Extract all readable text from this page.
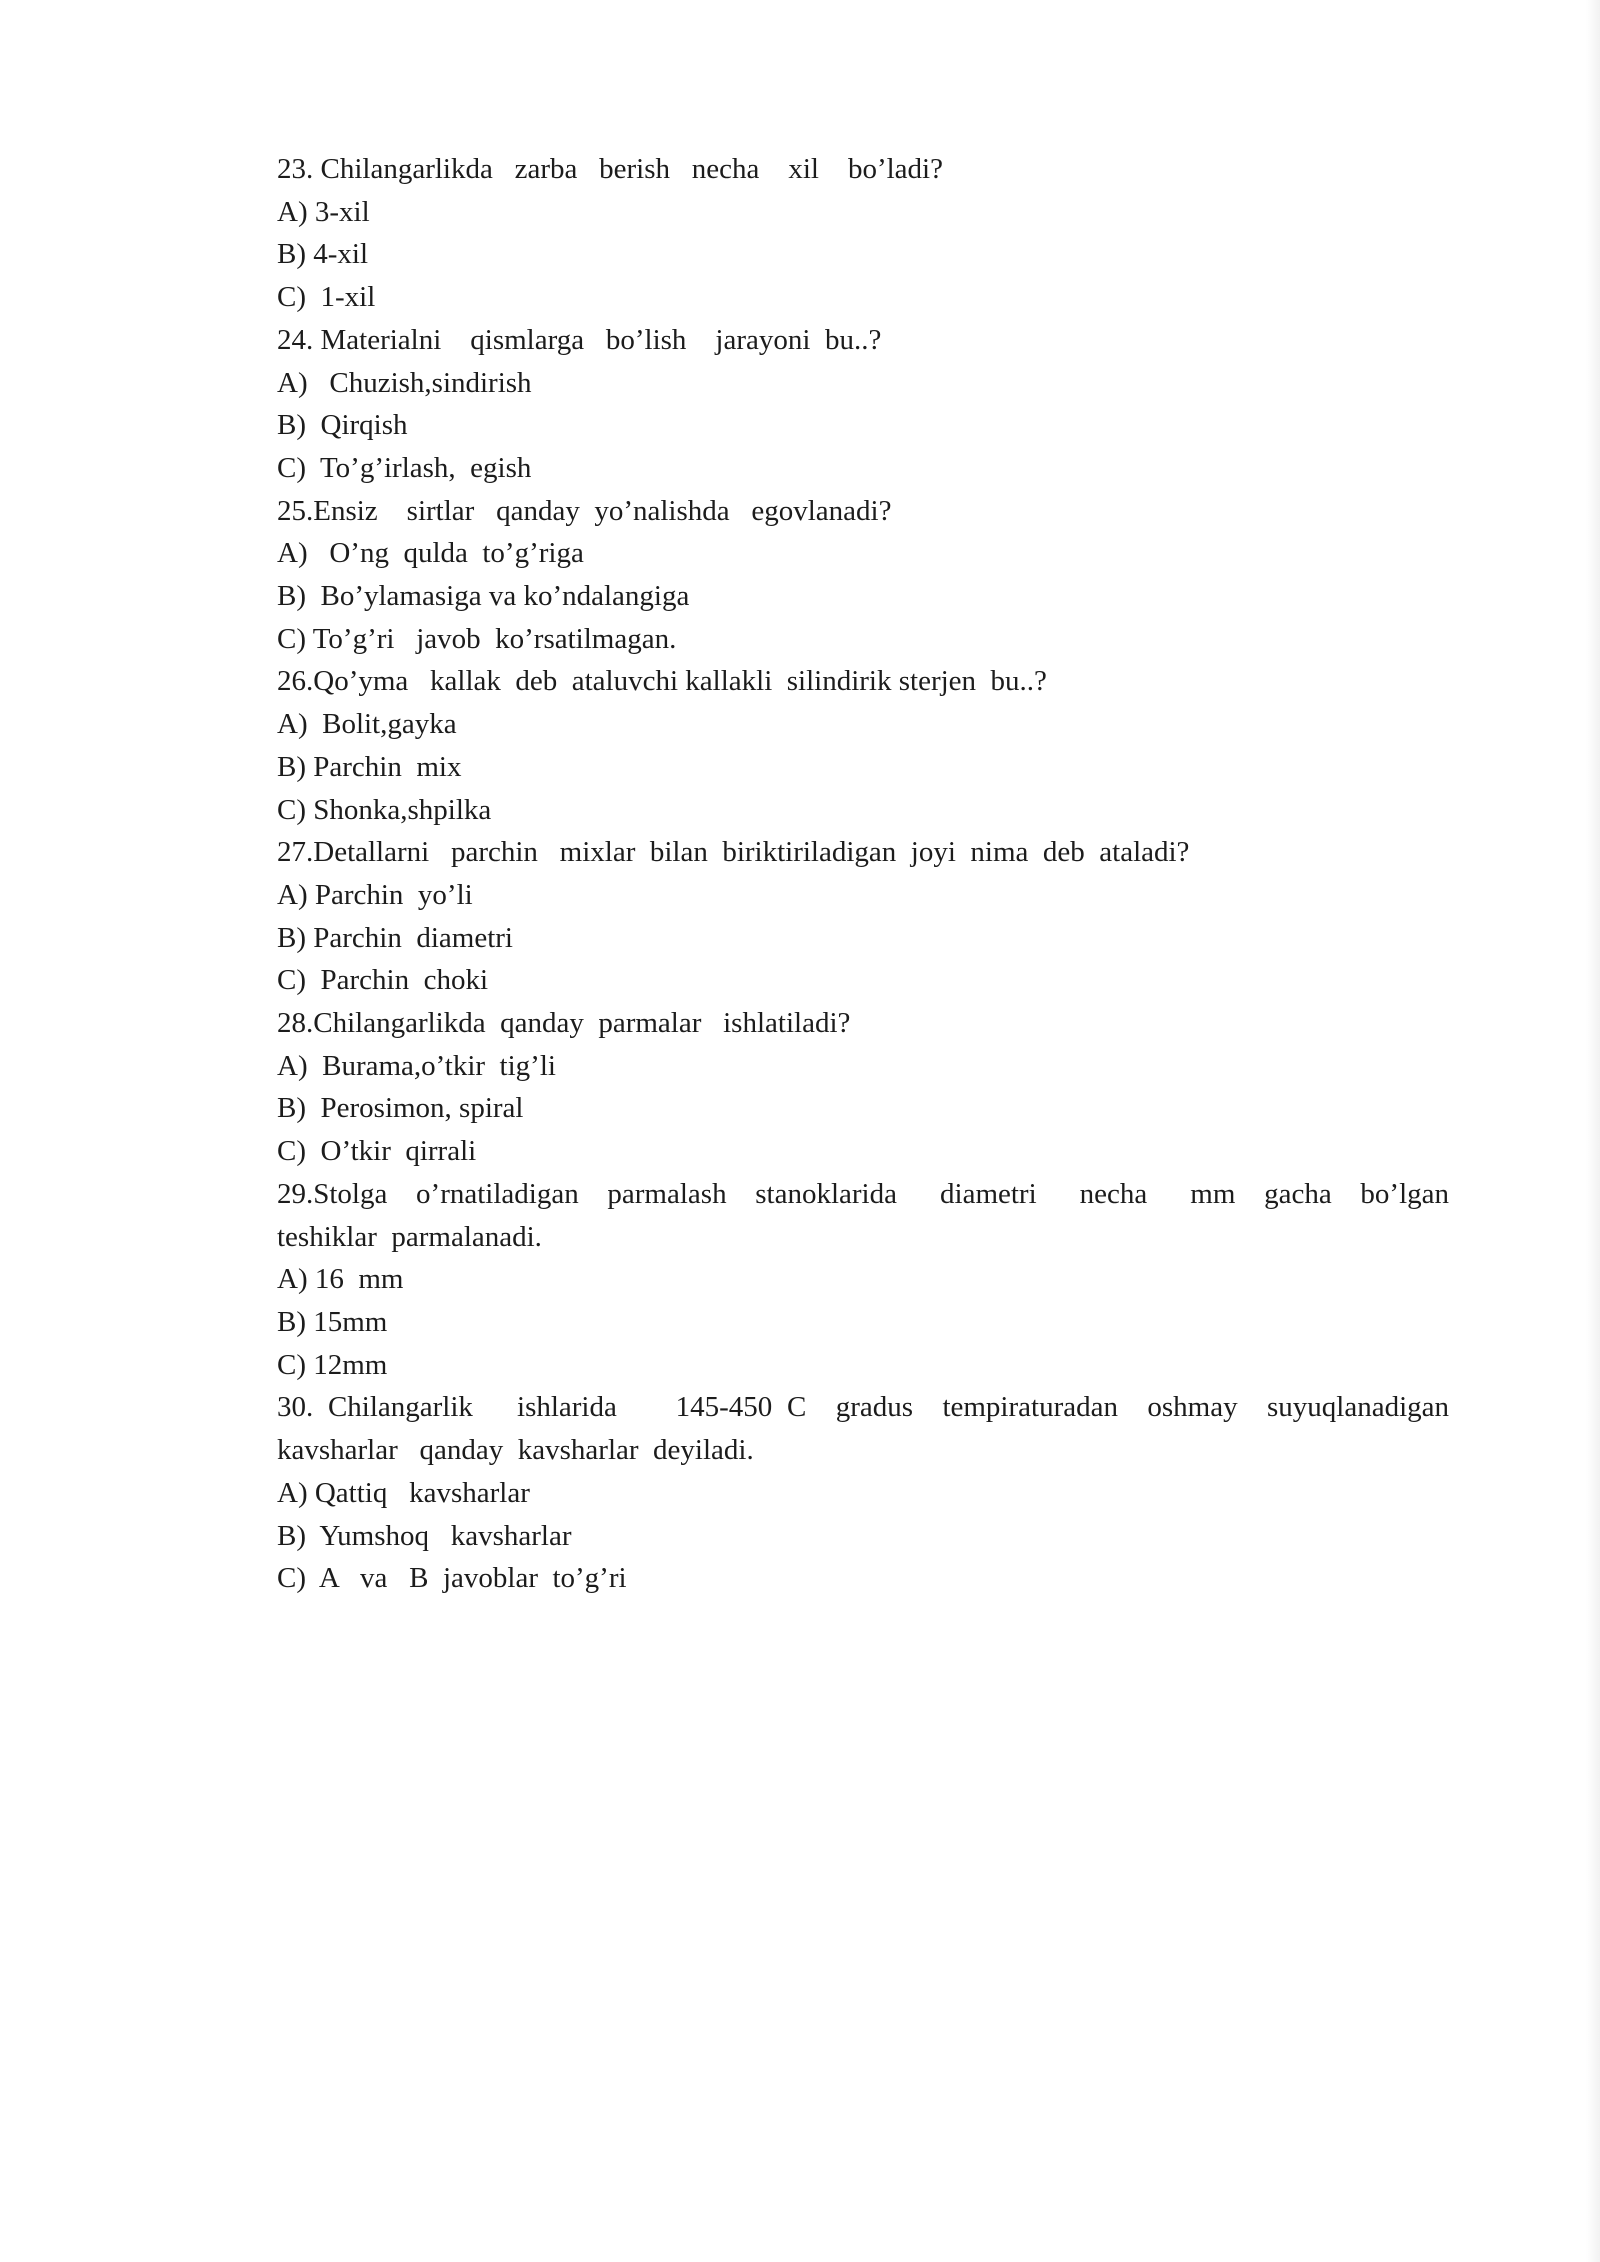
23. Chilangarlikda   zarba   berish   necha    xil    bo’ladi?
A) 3-xil
B) 4-xil
C)  1-xil
24. Materialni    qismlarga   bo’lish    jarayoni  bu..?
A)   Chuzish,sindirish
B)  Qirqish
C)  To’g’irlash,  egish
25.Ensiz    sirtlar   qanday  yo’nalishda   egovlanadi?
A)   O’ng  qulda  to’g’riga
B)  Bo’ylamasiga va ko’ndalangiga
C) To’g’ri   javob  ko’rsatilmagan.
26.Qo’yma   kallak  deb  ataluvchi kallakli  silindirik sterjen  bu..?
A)  Bolit,gayka
B) Parchin  mix
C) Shonka,shpilka
27.Detallarni   parchin   mixlar  bilan  biriktiriladigan  joyi  nima  deb  ataladi?
A) Parchin  yo’li
B) Parchin  diametri
C)  Parchin  choki
28.Chilangarlikda  qanday  parmalar   ishlatiladi?
A)  Burama,o’tkir  tig’li
B)  Perosimon, spiral
C)  O’tkir  qirrali
29.Stolga  o’rnatiladigan  parmalash  stanoklarida   diametri   necha   mm  gacha  bo’lgan
teshiklar  parmalanadi.
A) 16  mm
B) 15mm
C) 12mm
30. Chilangarlik   ishlarida    145-450 C  gradus  tempiraturadan  oshmay  suyuqlanadigan
kavsharlar   qanday  kavsharlar  deyiladi.
A) Qattiq   kavsharlar
B)  Yumshoq   kavsharlar
C)  A   va   B  javoblar  to’g’ri
